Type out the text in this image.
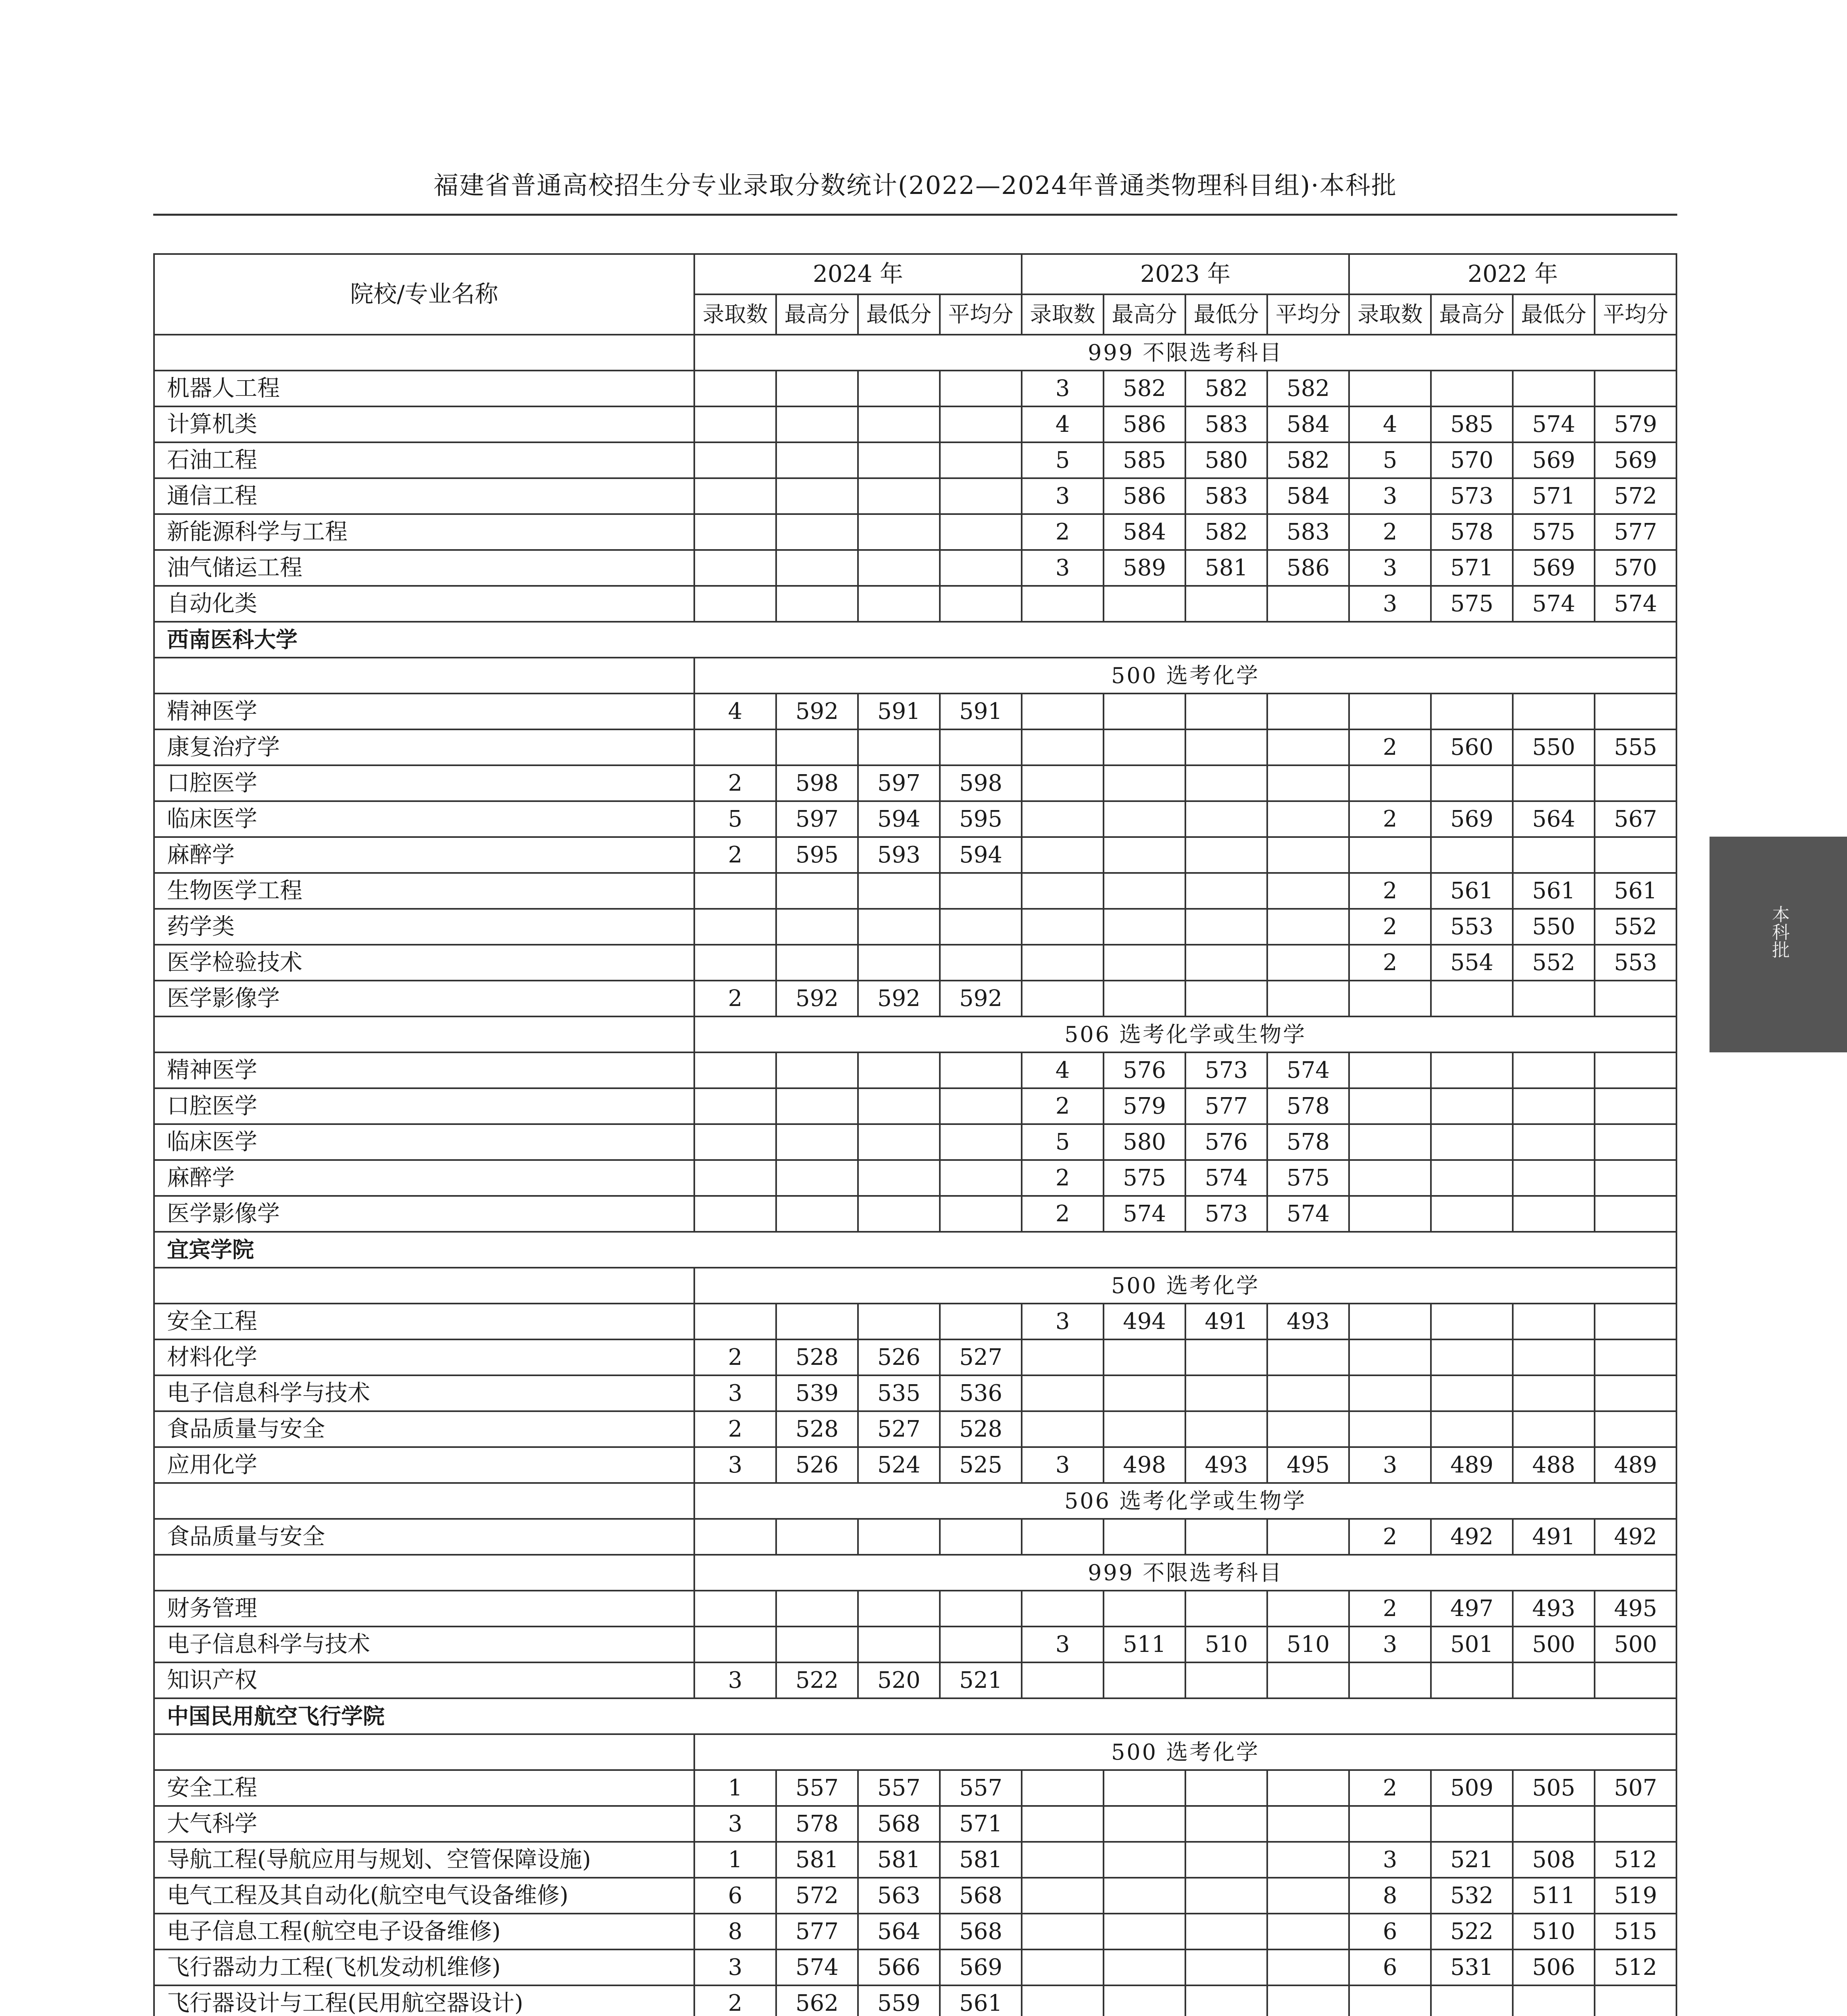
福建省普通高校招生分专业录取分数统计(2022—2024年普通类物理科目组)·本科批
本科批
院校/专业名称	2024 年				2023 年				2022 年			
	录取数	最高分	最低分	平均分	录取数	最高分	最低分	平均分	录取数	最高分	最低分	平均分
	999 不限选考科目											
机器人工程					3	582	582	582				
计算机类					4	586	583	584	4	585	574	579
石油工程					5	585	580	582	5	570	569	569
通信工程					3	586	583	584	3	573	571	572
新能源科学与工程					2	584	582	583	2	578	575	577
油气储运工程					3	589	581	586	3	571	569	570
自动化类									3	575	574	574
西南医科大学												
	500 选考化学											
精神医学	4	592	591	591								
康复治疗学									2	560	550	555
口腔医学	2	598	597	598								
临床医学	5	597	594	595					2	569	564	567
麻醉学	2	595	593	594								
生物医学工程									2	561	561	561
药学类									2	553	550	552
医学检验技术									2	554	552	553
医学影像学	2	592	592	592								
	506 选考化学或生物学											
精神医学					4	576	573	574				
口腔医学					2	579	577	578				
临床医学					5	580	576	578				
麻醉学					2	575	574	575				
医学影像学					2	574	573	574				
宜宾学院												
	500 选考化学											
安全工程					3	494	491	493				
材料化学	2	528	526	527								
电子信息科学与技术	3	539	535	536								
食品质量与安全	2	528	527	528								
应用化学	3	526	524	525	3	498	493	495	3	489	488	489
	506 选考化学或生物学											
食品质量与安全									2	492	491	492
	999 不限选考科目											
财务管理									2	497	493	495
电子信息科学与技术					3	511	510	510	3	501	500	500
知识产权	3	522	520	521								
中国民用航空飞行学院												
	500 选考化学											
安全工程	1	557	557	557					2	509	505	507
大气科学	3	578	568	571								
导航工程(导航应用与规划、空管保障设施)	1	581	581	581					3	521	508	512
电气工程及其自动化(航空电气设备维修)	6	572	563	568					8	532	511	519
电子信息工程(航空电子设备维修)	8	577	564	568					6	522	510	515
飞行器动力工程(飞机发动机维修)	3	574	566	569					6	531	506	512
飞行器设计与工程(民用航空器设计)	2	562	559	561								
